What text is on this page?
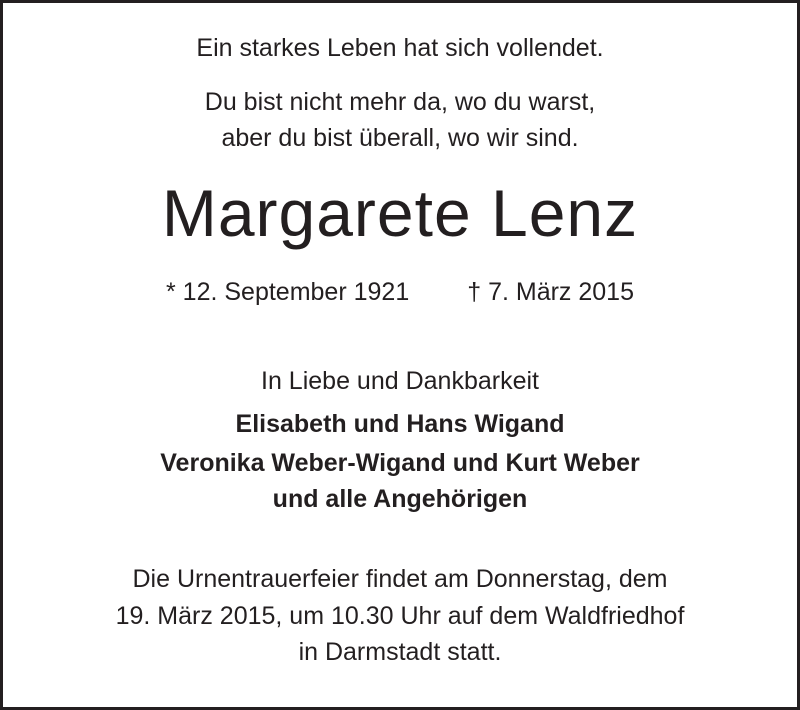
Ein starkes Leben hat sich vollendet.

Du bist nicht mehr da, wo du warst,

aber du bist überall, wo wir sind.

Margarete Lenz

* 12. September 1921 † 7. März 2015

In Liebe und Dankbarkeit

Elisabeth und Hans Wigand

Veronika Weber-Wigand und Kurt Weber

und alle Angehörigen

Die Urnentrauerfeier findet am Donnerstag, dem

19. März 2015, um 10.30 Uhr auf dem Waldfriedhof

in Darmstadt statt.
